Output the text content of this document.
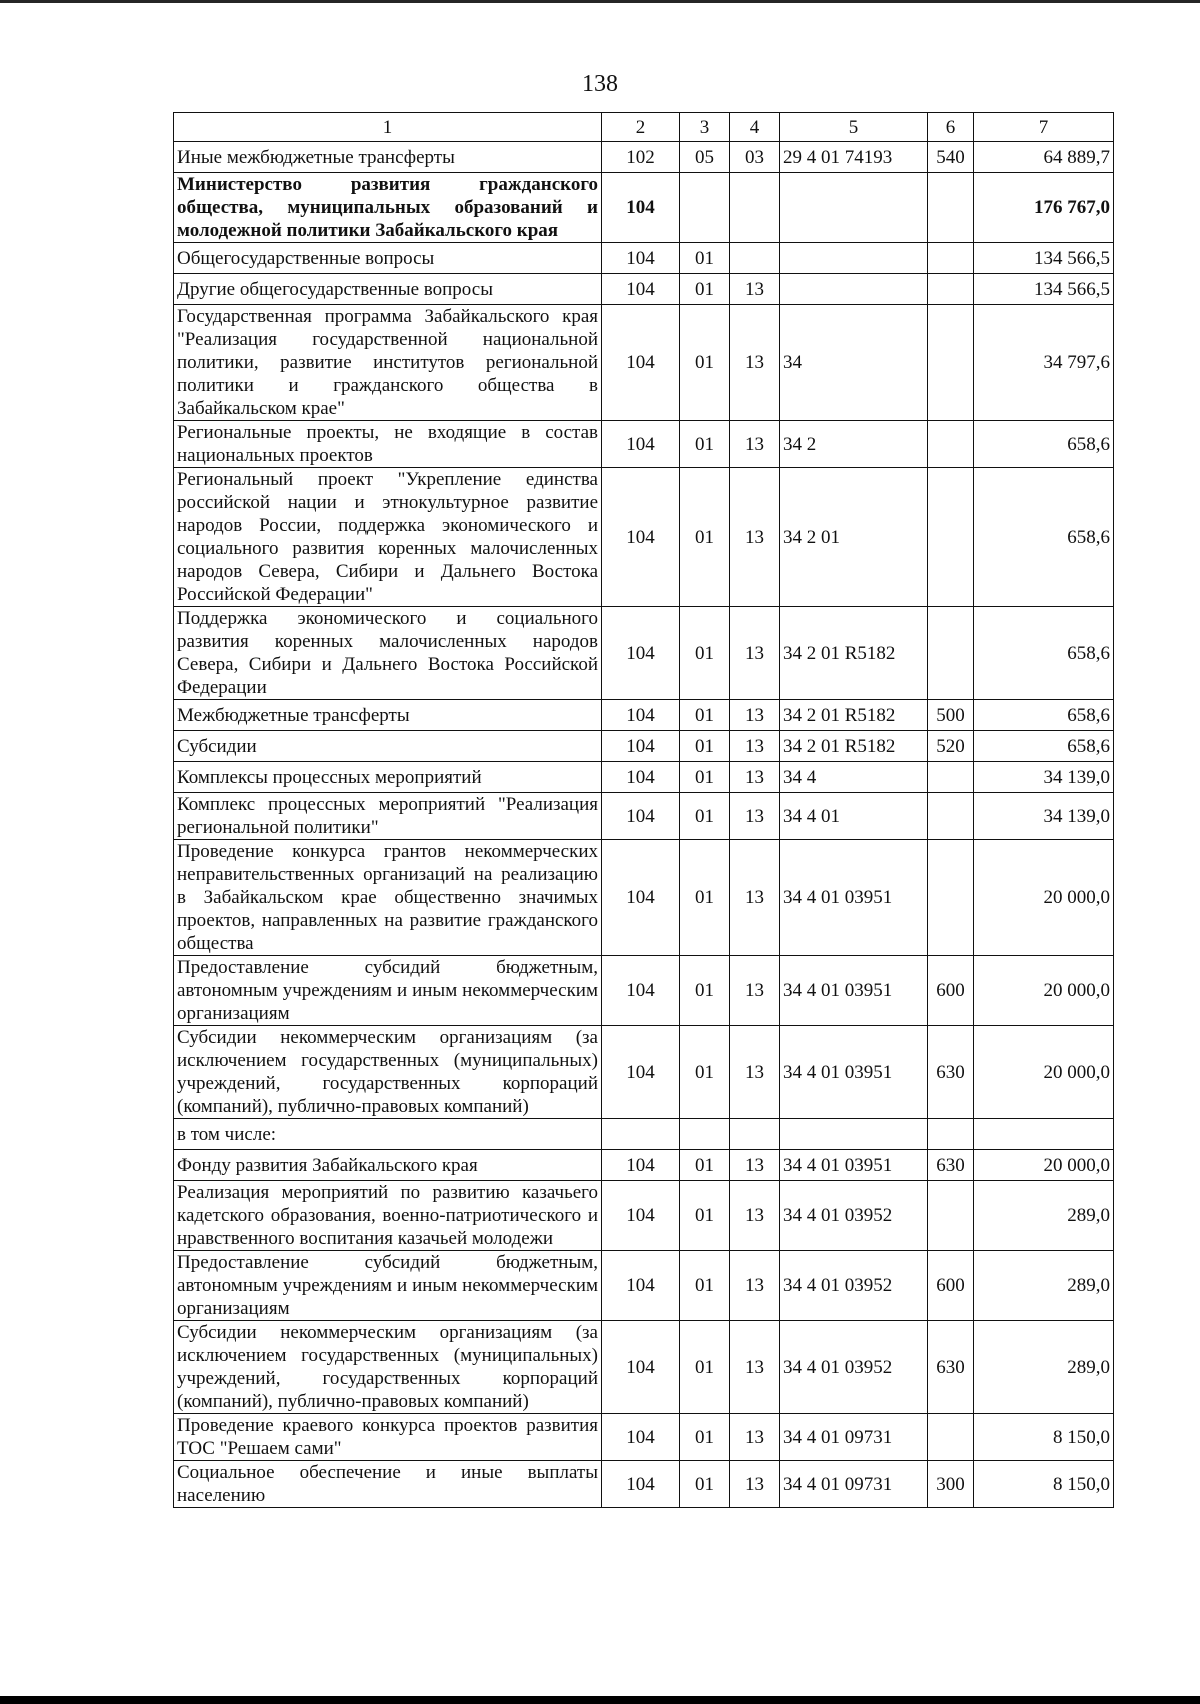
138
1	2	3	4	5	6	7
Иные межбюджетные трансферты	102	05	03	29 4 01 74193	540	64 889,7
Министерство развития гражданского общества, муниципальных образований и молодежной политики Забайкальского края	104					176 767,0
Общегосударственные вопросы	104	01				134 566,5
Другие общегосударственные вопросы	104	01	13			134 566,5
Государственная программа Забайкальского края "Реализация государственной национальной политики, развитие институтов региональной политики и гражданского общества в Забайкальском крае"	104	01	13	34		34 797,6
Региональные проекты, не входящие в состав национальных проектов	104	01	13	34 2		658,6
Региональный проект "Укрепление единства российской нации и этнокультурное развитие народов России, поддержка экономического и социального развития коренных малочисленных народов Севера, Сибири и Дальнего Востока Российской Федерации"	104	01	13	34 2 01		658,6
Поддержка экономического и социального развития коренных малочисленных народов Севера, Сибири и Дальнего Востока Российской Федерации	104	01	13	34 2 01 R5182		658,6
Межбюджетные трансферты	104	01	13	34 2 01 R5182	500	658,6
Субсидии	104	01	13	34 2 01 R5182	520	658,6
Комплексы процессных мероприятий	104	01	13	34 4		34 139,0
Комплекс процессных мероприятий "Реализация региональной политики"	104	01	13	34 4 01		34 139,0
Проведение конкурса грантов некоммерческих неправительственных организаций на реализацию в Забайкальском крае общественно значимых проектов, направленных на развитие гражданского общества	104	01	13	34 4 01 03951		20 000,0
Предоставление субсидий бюджетным, автономным учреждениям и иным некоммерческим организациям	104	01	13	34 4 01 03951	600	20 000,0
Субсидии некоммерческим организациям (за исключением государственных (муниципальных) учреждений, государственных корпораций (компаний), публично-правовых компаний)	104	01	13	34 4 01 03951	630	20 000,0
в том числе:						
Фонду развития Забайкальского края	104	01	13	34 4 01 03951	630	20 000,0
Реализация мероприятий по развитию казачьего кадетского образования, военно-патриотического и нравственного воспитания казачьей молодежи	104	01	13	34 4 01 03952		289,0
Предоставление субсидий бюджетным, автономным учреждениям и иным некоммерческим организациям	104	01	13	34 4 01 03952	600	289,0
Субсидии некоммерческим организациям (за исключением государственных (муниципальных) учреждений, государственных корпораций (компаний), публично-правовых компаний)	104	01	13	34 4 01 03952	630	289,0
Проведение краевого конкурса проектов развития ТОС "Решаем сами"	104	01	13	34 4 01 09731		8 150,0
Социальное обеспечение и иные выплаты населению	104	01	13	34 4 01 09731	300	8 150,0
